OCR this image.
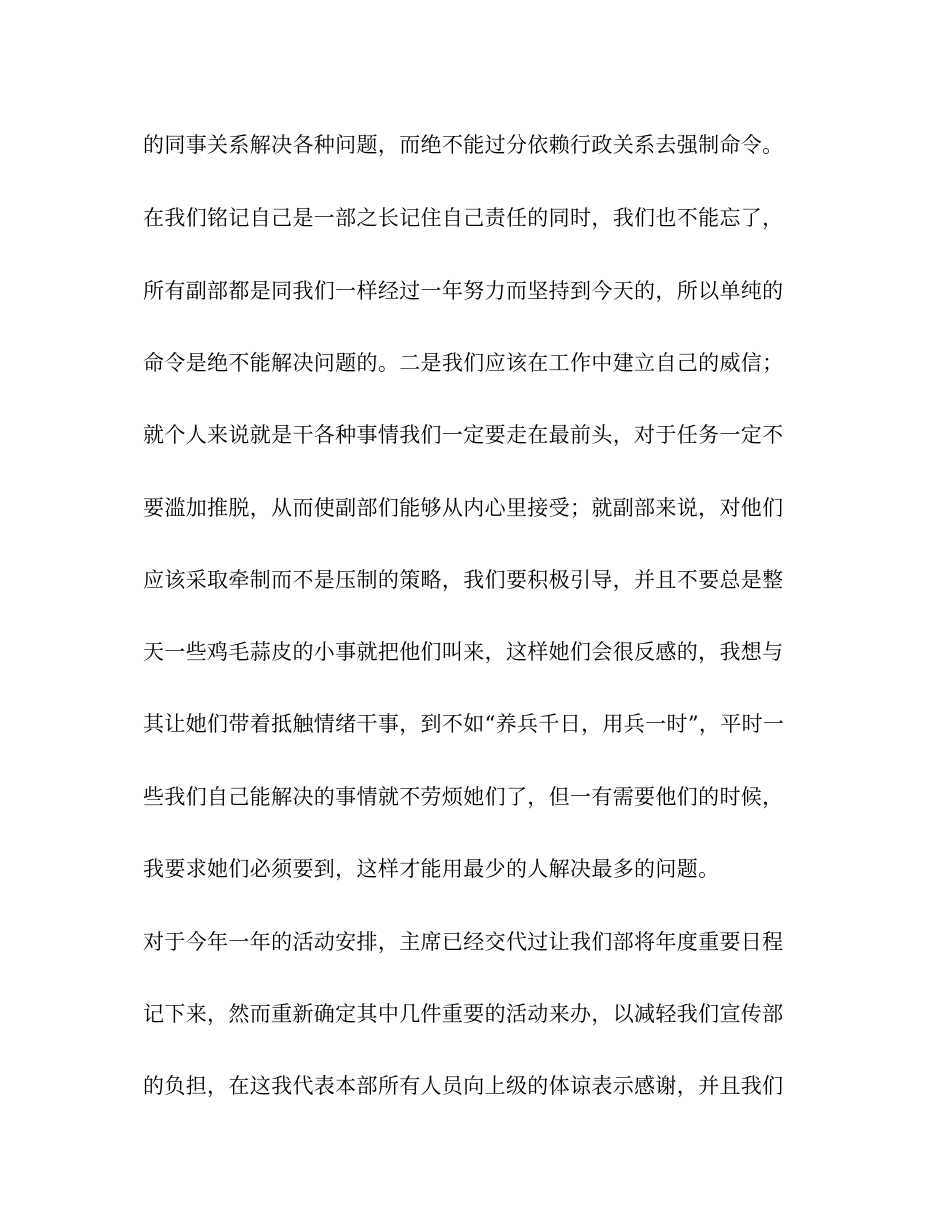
的同事关系解决各种问题，而绝不能过分依赖行政关系去强制命令。
在我们铭记自己是一部之长记住自己责任的同时，我们也不能忘了，
所有副部都是同我们一样经过一年努力而坚持到今天的，所以单纯的
命令是绝不能解决问题的。二是我们应该在工作中建立自己的威信；
就个人来说就是干各种事情我们一定要走在最前头，对于任务一定不
要滥加推脱，从而使副部们能够从内心里接受；就副部来说，对他们
应该采取牵制而不是压制的策略，我们要积极引导，并且不要总是整
天一些鸡毛蒜皮的小事就把他们叫来，这样她们会很反感的，我想与
其让她们带着抵触情绪干事，到不如“养兵千日，用兵一时”，平时一
些我们自己能解决的事情就不劳烦她们了，但一有需要他们的时候，
我要求她们必须要到，这样才能用最少的人解决最多的问题。
对于今年一年的活动安排，主席已经交代过让我们部将年度重要日程
记下来，然而重新确定其中几件重要的活动来办，以减轻我们宣传部
的负担，在这我代表本部所有人员向上级的体谅表示感谢，并且我们
